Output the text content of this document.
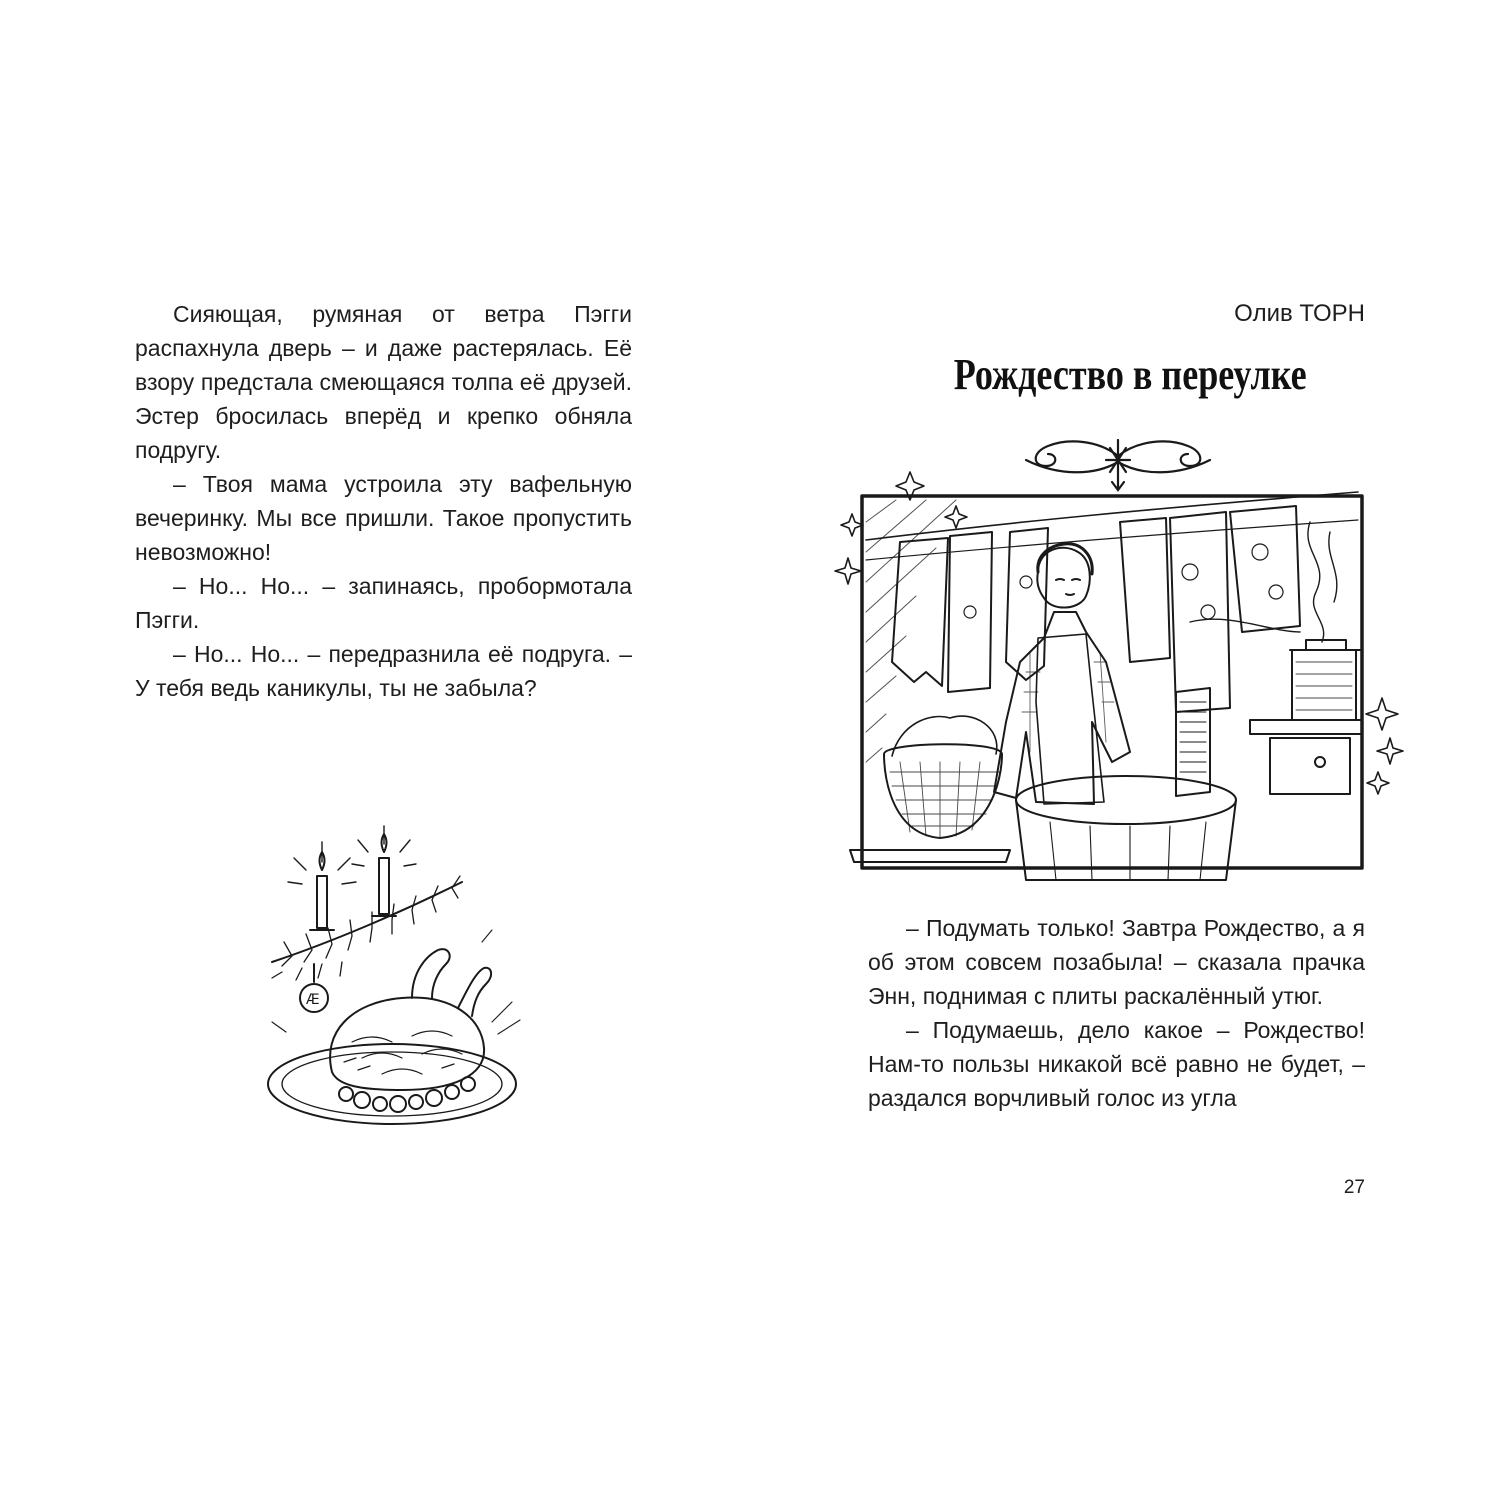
Сияющая, румяная от ветра Пэгги распахнула дверь – и даже растерялась. Её взору предстала смеющаяся толпа её друзей. Эстер бросилась вперёд и крепко обняла подругу.

– Твоя мама устроила эту вафельную вечеринку. Мы все пришли. Такое пропустить невозможно!

– Но... Но... – запинаясь, пробормотала Пэгги.

– Но... Но... – передразнила её подруга. – У тебя ведь каникулы, ты не забыла?

Æ
Олив ТОРН
Рождество в переулке

– Подумать только! Завтра Рождество, а я об этом совсем позабыла! – сказала прачка Энн, поднимая с плиты раскалённый утюг.

– Подумаешь, дело какое – Рождество! Нам-то пользы никакой всё равно не будет, – раздался ворчливый голос из угла

27
